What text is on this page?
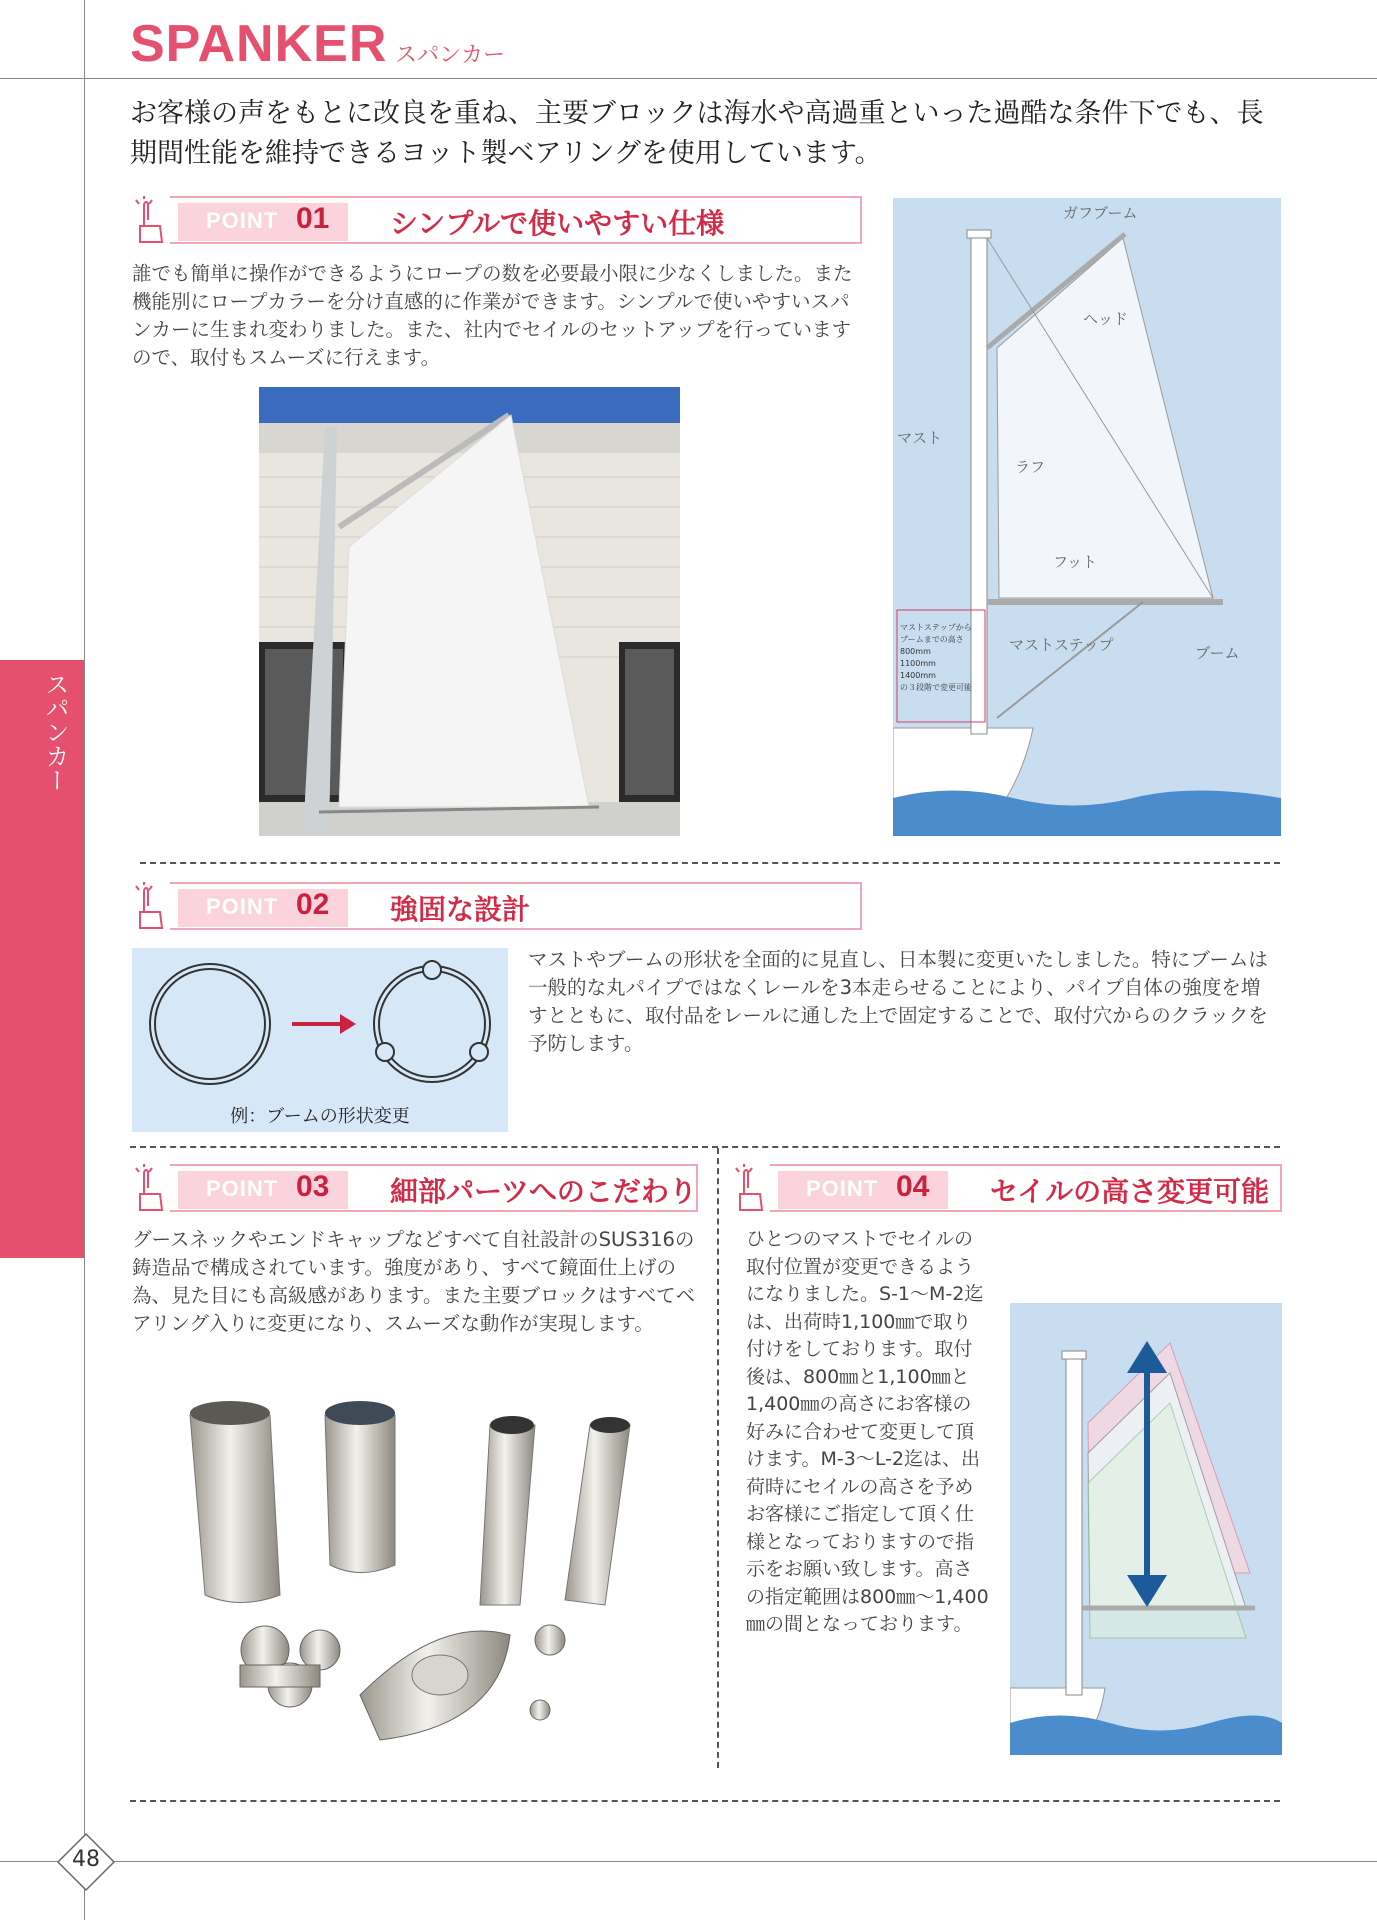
SPANKER スパンカー
お客様の声をもとに改良を重ね、主要ブロックは海水や高過重といった過酷な条件下でも、長期間性能を維持できるヨット製ベアリングを使用しています。
スパンカー
48
POINT 01 シンプルで使いやすい仕様
誰でも簡単に操作ができるようにロープの数を必要最小限に少なくしました。また機能別にロープカラーを分け直感的に作業ができます。シンプルで使いやすいスパンカーに生まれ変わりました。また、社内でセイルのセットアップを行っていますので、取付もスムーズに行えます。
ガフブーム
ヘッド
マスト
ラフ
フット
マストステップ	ブーム
マストステップから
ブームまでの高さ
800mm
1100mm
1400mm
の３段階で変更可能
POINT 02 強固な設計
例：ブームの形状変更
マストやブームの形状を全面的に見直し、日本製に変更いたしました。特にブームは一般的な丸パイプではなくレールを3本走らせることにより、パイプ自体の強度を増すとともに、取付品をレールに通した上で固定することで、取付穴からのクラックを予防します。
POINT 03 細部パーツへのこだわり
グースネックやエンドキャップなどすべて自社設計のSUS316の鋳造品で構成されています。強度があり、すべて鏡面仕上げの為、見た目にも高級感があります。また主要ブロックはすべてベアリング入りに変更になり、スムーズな動作が実現します。
POINT 04 セイルの高さ変更可能
ひとつのマストでセイルの取付位置が変更できるようになりました。S-1〜M-2迄は、出荷時1,100㎜で取り付けをしております。取付後は、800㎜と1,100㎜と1,400㎜の高さにお客様の好みに合わせて変更して頂けます。M-3〜L-2迄は、出荷時にセイルの高さを予めお客様にご指定して頂く仕様となっておりますので指示をお願い致します。高さの指定範囲は800㎜〜1,400㎜の間となっております。
